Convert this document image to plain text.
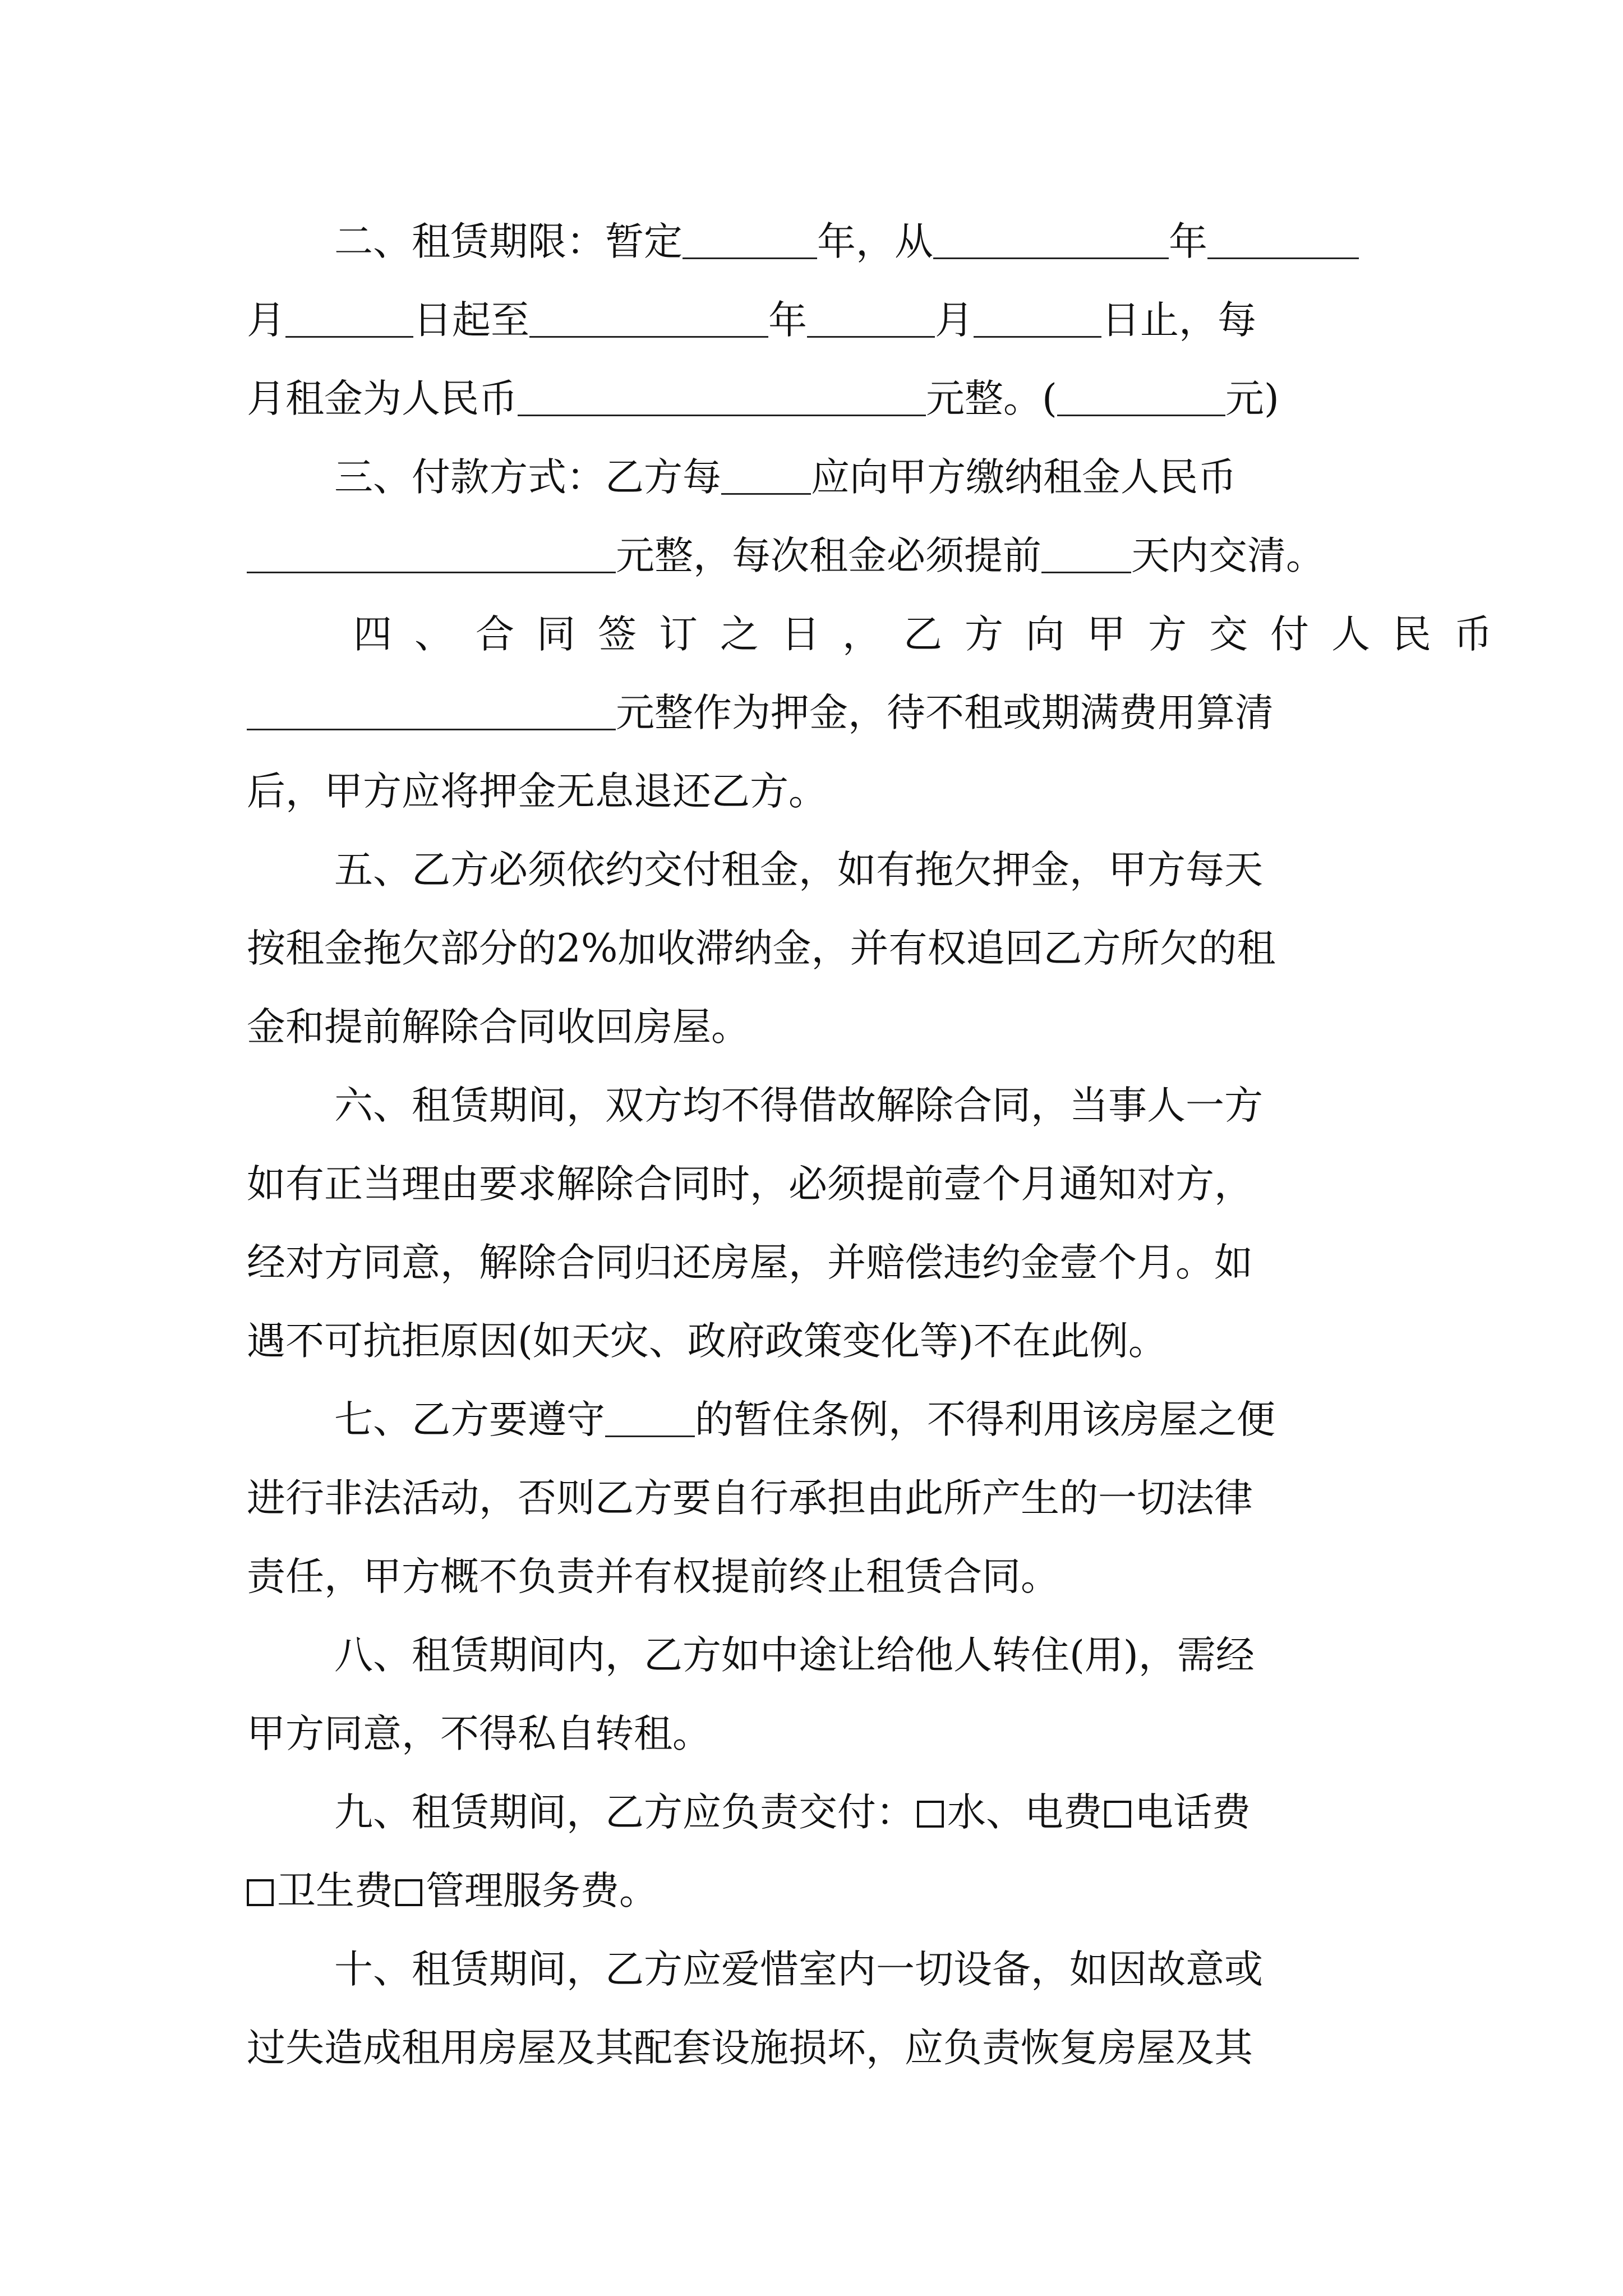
二、租赁期限：暂定	年，从	年
月	日起至	年	月	日止，每
月租金为人民币	元整。(	元)
三、付款方式：乙方每 应向甲方缴纳租金人民币
元整，每次租金必须提前 天内交清。
四、合同签订之日，乙方向甲方交付人民币
元整作为押金，待不租或期满费用算清
后，甲方应将押金无息退还乙方。
五、乙方必须依约交付租金，如有拖欠押金，甲方每天
按租金拖欠部分的2%加收滞纳金，并有权追回乙方所欠的租
金和提前解除合同收回房屋。
六、租赁期间，双方均不得借故解除合同，当事人一方
如有正当理由要求解除合同时，必须提前壹个月通知对方，
经对方同意，解除合同归还房屋，并赔偿违约金壹个月。如
遇不可抗拒原因(如天灾、政府政策变化等)不在此例。
七、乙方要遵守 的暂住条例，不得利用该房屋之便
进行非法活动，否则乙方要自行承担由此所产生的一切法律
责任，甲方概不负责并有权提前终止租赁合同。
八、租赁期间内，乙方如中途让给他人转住(用)，需经
甲方同意，不得私自转租。
九、租赁期间，乙方应负责交付： 水、电费 电话费
卫生费 管理服务费。
十、租赁期间，乙方应爱惜室内一切设备，如因故意或
过失造成租用房屋及其配套设施损坏，应负责恢复房屋及其
